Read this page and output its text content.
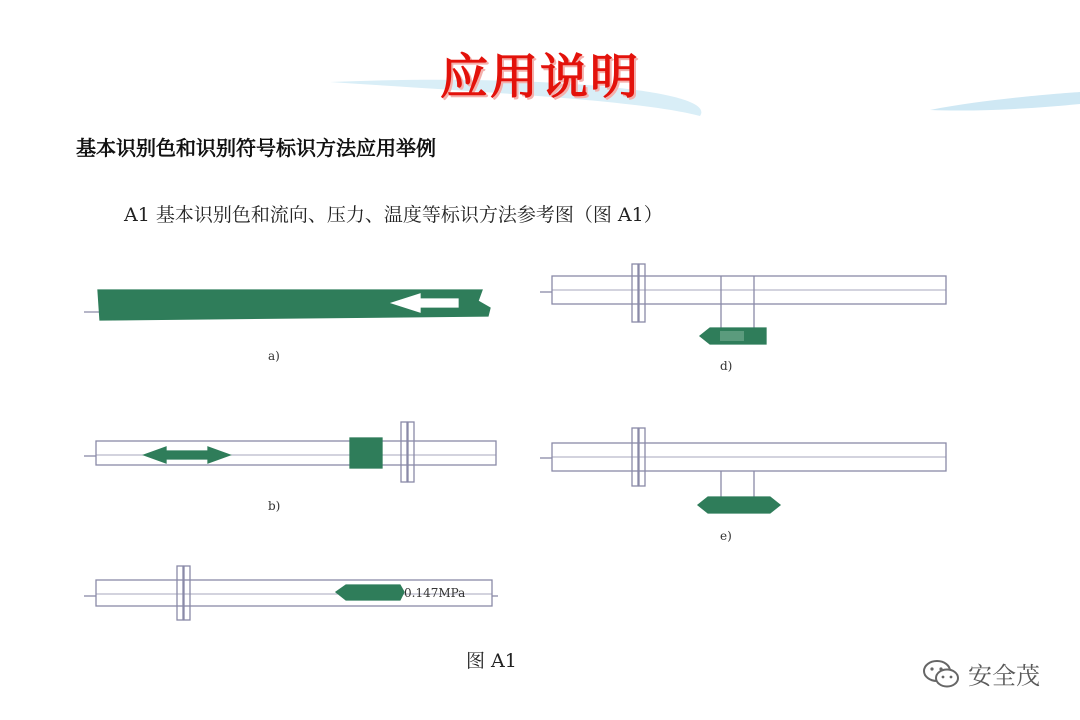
应用说明
基本识别色和识别符号标识方法应用举例
A1 基本识别色和流向、压力、温度等标识方法参考图（图 A1）
a)
b)
0.147MPa
d)
e)
图 A1
安全茂
